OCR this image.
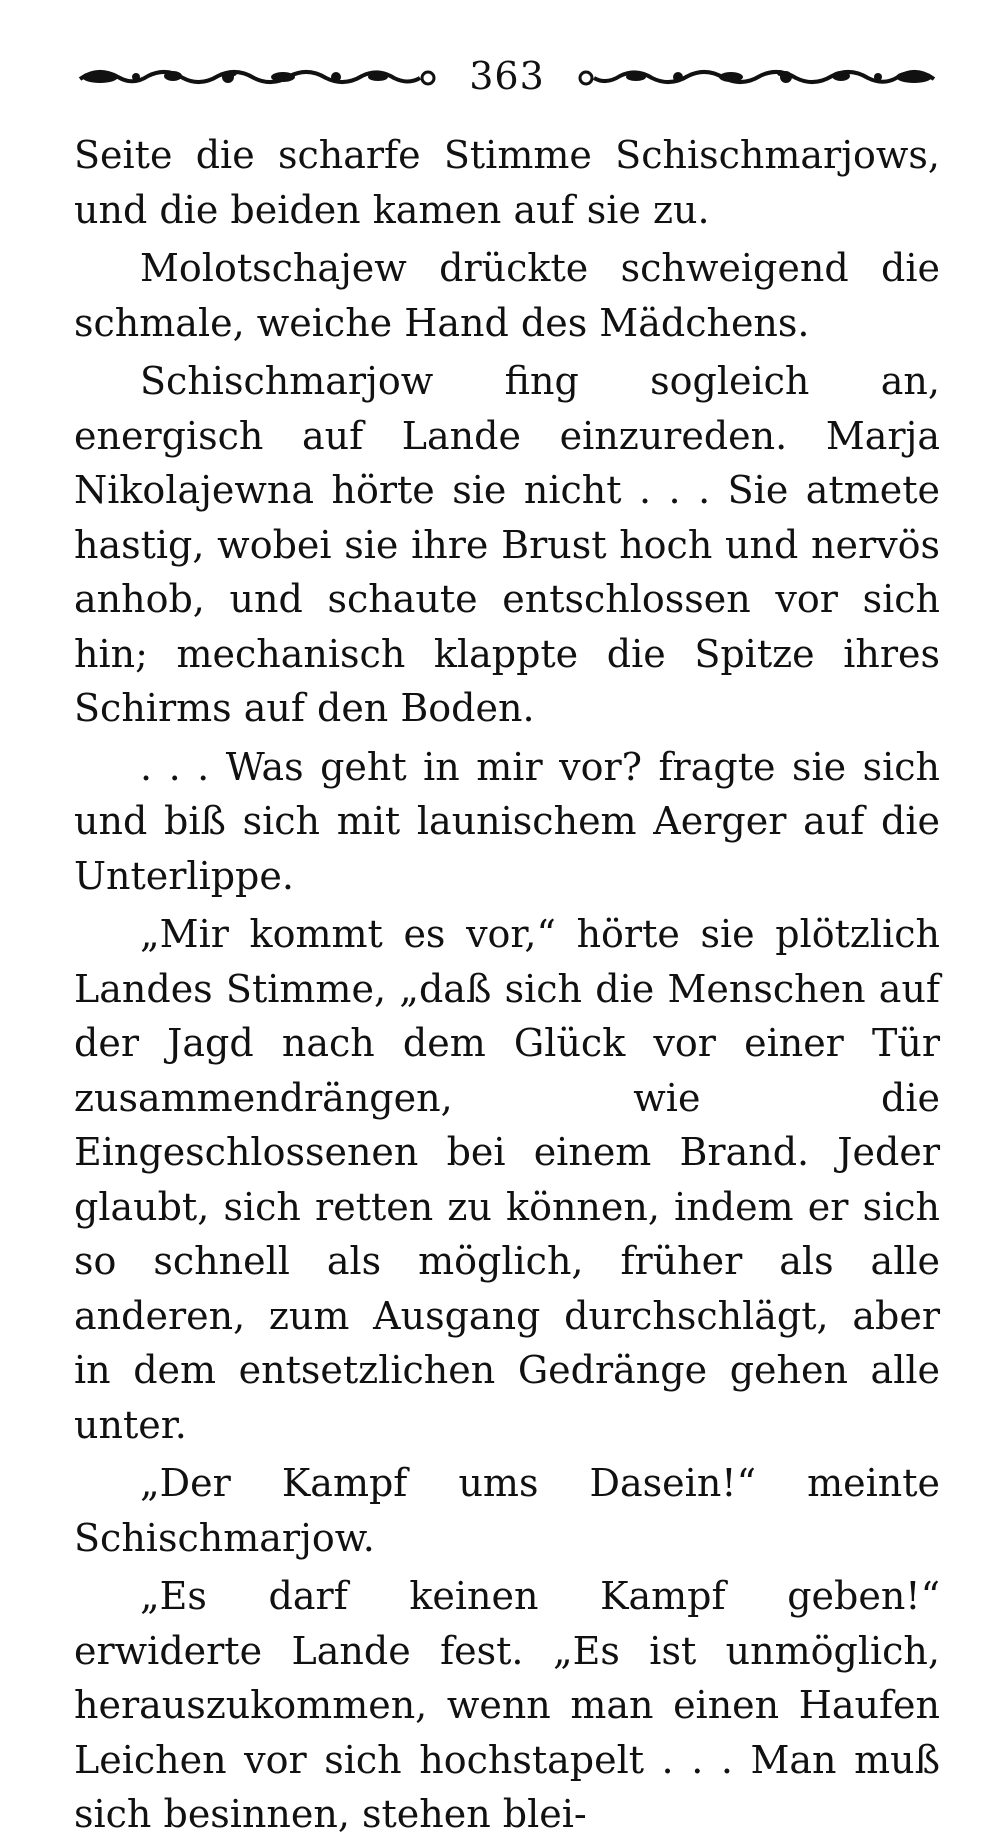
363

Seite die scharfe Stimme Schischmarjows, und die beiden kamen auf sie zu.

Molotschajew drückte schweigend die schmale, weiche Hand des Mädchens.

Schischmarjow fing sogleich an, energisch auf Lande einzureden. Marja Nikolajewna hörte sie nicht . . . Sie atmete hastig, wobei sie ihre Brust hoch und nervös anhob, und schaute entschlossen vor sich hin; mechanisch klappte die Spitze ihres Schirms auf den Boden.

. . . Was geht in mir vor? fragte sie sich und biß sich mit launischem Aerger auf die Unterlippe.

„Mir kommt es vor,“ hörte sie plötzlich Landes Stimme, „daß sich die Menschen auf der Jagd nach dem Glück vor einer Tür zusammendrängen, wie die Eingeschlossenen bei einem Brand. Jeder glaubt, sich retten zu können, indem er sich so schnell als möglich, früher als alle anderen, zum Ausgang durchschlägt, aber in dem entsetzlichen Gedränge gehen alle unter.

„Der Kampf ums Dasein!“ meinte Schischmarjow.

„Es darf keinen Kampf geben!“ erwiderte Lande fest. „Es ist unmöglich, herauszukommen, wenn man einen Haufen Leichen vor sich hochstapelt . . . Man muß sich besinnen, stehen blei-
